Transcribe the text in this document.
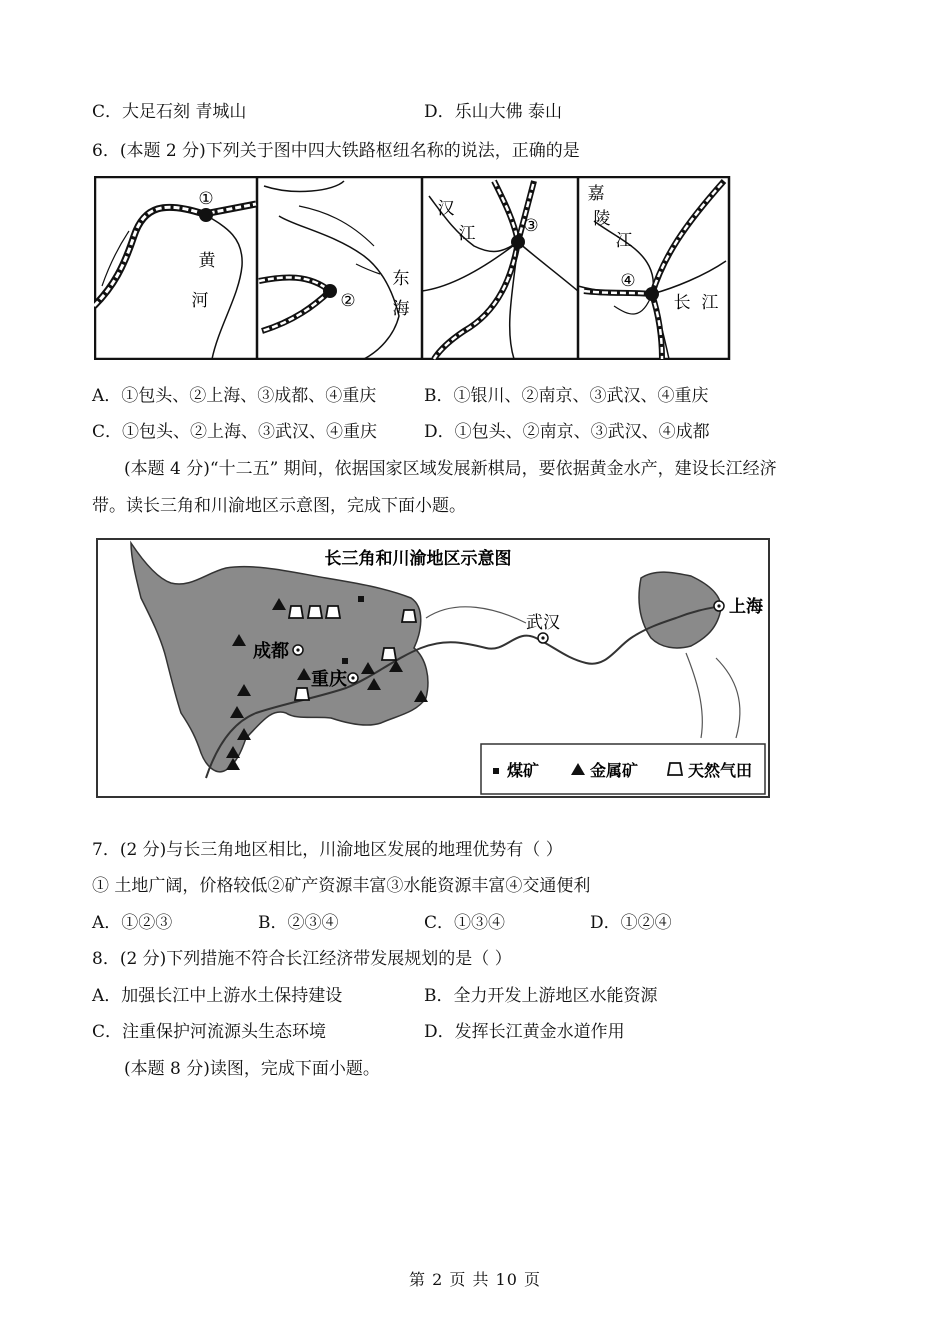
C．大足石刻 青城山	D．乐山大佛 泰山
6．(本题 2 分)下列关于图中四大铁路枢纽名称的说法，正确的是
①
黄
河	②
东
海
汉
江	③
嘉
陵
江
④
长  江
A．①包头、②上海、③成都、④重庆	B．①银川、②南京、③武汉、④重庆
C．①包头、②上海、③武汉、④重庆	D．①包头、②南京、③武汉、④成都
(本题 4 分)“十二五” 期间，依据国家区域发展新棋局，要依据黄金水产，建设长江经济
带。读长三角和川渝地区示意图，完成下面小题。
长三角和川渝地区示意图
成都
重庆
武汉
上海
煤矿	金属矿	天然气田
7．(2 分)与长三角地区相比，川渝地区发展的地理优势有（ ）
① 土地广阔，价格较低②矿产资源丰富③水能资源丰富④交通便利
A．①②③	B．②③④	C．①③④	D．①②④
8．(2 分)下列措施不符合长江经济带发展规划的是（ ）
A．加强长江中上游水土保持建设	B．全力开发上游地区水能资源
C．注重保护河流源头生态环境	D．发挥长江黄金水道作用
(本题 8 分)读图，完成下面小题。
第 2 页 共 10 页
